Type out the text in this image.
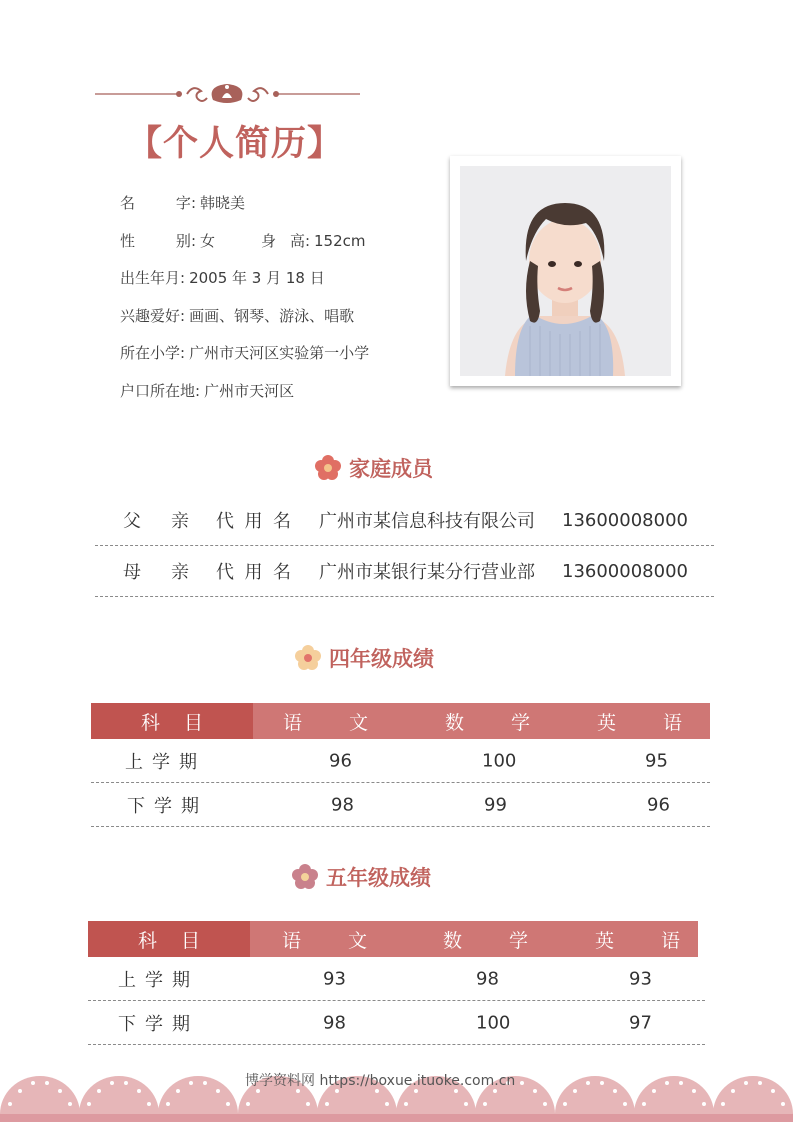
【个人简历】
名	字: 韩晓美
性	别: 女	身 高: 152cm
出生年月 : 2005 年 3 月 18 日
兴趣爱好 : 画画、钢琴、游泳、唱歌
所在小学 : 广州市天河区实验第一小学
户口所在地 : 广州市天河区
家庭成员
父 亲 代 用 名 广州市某信息科技有限公司 13600008000
母 亲 代 用 名 广州市某银行某分行营业部 13600008000
四年级成绩
科 目	语 文	数 学	英 语
上 学 期	96	100	95
下 学 期	98	99	96
五年级成绩
科 目	语 文	数 学	英 语
上 学 期	93	98	93
下 学 期	98	100	97
博学资料网 https://boxue.ituoke.com.cn
